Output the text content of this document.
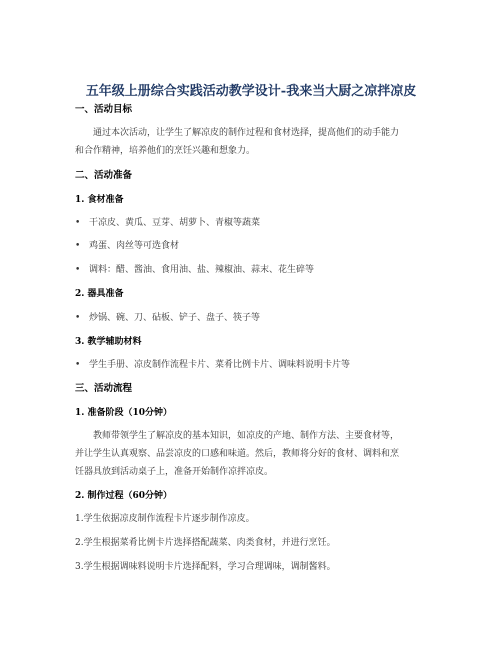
五年级上册综合实践活动教学设计-我来当大厨之凉拌凉皮
一、活动目标
通过本次活动，让学生了解凉皮的制作过程和食材选择，提高他们的动手能力
和合作精神，培养他们的烹饪兴趣和想象力。
二、活动准备
1. 食材准备
• 干凉皮、黄瓜、豆芽、胡萝卜、青椒等蔬菜
• 鸡蛋、肉丝等可选食材
• 调料：醋、酱油、食用油、盐、辣椒油、蒜末、花生碎等
2. 器具准备
• 炒锅、碗、刀、砧板、铲子、盘子、筷子等
3. 教学辅助材料
• 学生手册、凉皮制作流程卡片、菜肴比例卡片、调味料说明卡片等
三、活动流程
1. 准备阶段（10分钟）
教师带领学生了解凉皮的基本知识，如凉皮的产地、制作方法、主要食材等，
并让学生认真观察、品尝凉皮的口感和味道。然后，教师将分好的食材、调料和烹
饪器具放到活动桌子上，准备开始制作凉拌凉皮。
2. 制作过程（60分钟）
1.学生依据凉皮制作流程卡片逐步制作凉皮。
2.学生根据菜肴比例卡片选择搭配蔬菜、肉类食材，并进行烹饪。
3.学生根据调味料说明卡片选择配料，学习合理调味，调制酱料。
